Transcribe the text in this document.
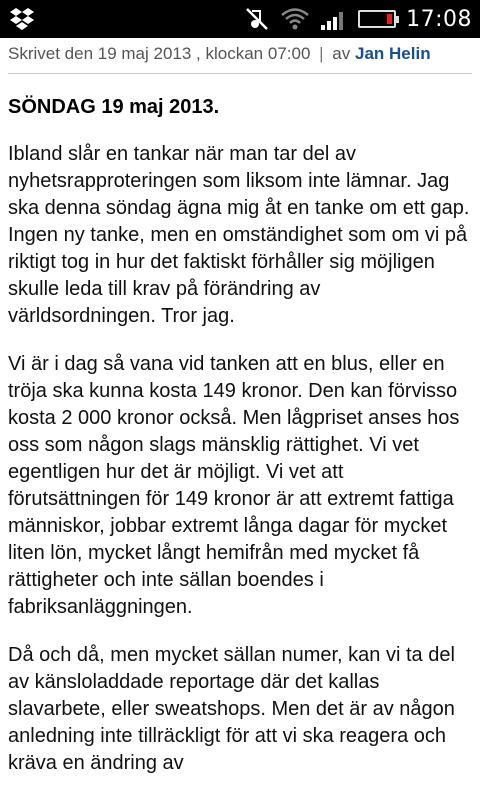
17:08
Skrivet den 19 maj 2013 , klockan 07:00 | av Jan Helin
SÖNDAG 19 maj 2013.

Ibland slår en tankar när man tar del av nyhetsrapproteringen som liksom inte lämnar. Jag ska denna söndag ägna mig åt en tanke om ett gap. Ingen ny tanke, men en omständighet som om vi på riktigt tog in hur det faktiskt förhåller sig möjligen skulle leda till krav på förändring av världsordningen. Tror jag.

Vi är i dag så vana vid tanken att en blus, eller en tröja ska kunna kosta 149 kronor. Den kan förvisso kosta 2 000 kronor också. Men lågpriset anses hos oss som någon slags mänsklig rättighet. Vi vet egentligen hur det är möjligt. Vi vet att förutsättningen för 149 kronor är att extremt fattiga människor, jobbar extremt långa dagar för mycket liten lön, mycket långt hemifrån med mycket få rättigheter och inte sällan boendes i fabriksanläggningen.

Då och då, men mycket sällan numer, kan vi ta del av känsloladdade reportage där det kallas slavarbete, eller sweatshops. Men det är av någon anledning inte tillräckligt för att vi ska reagera och kräva en ändring av
